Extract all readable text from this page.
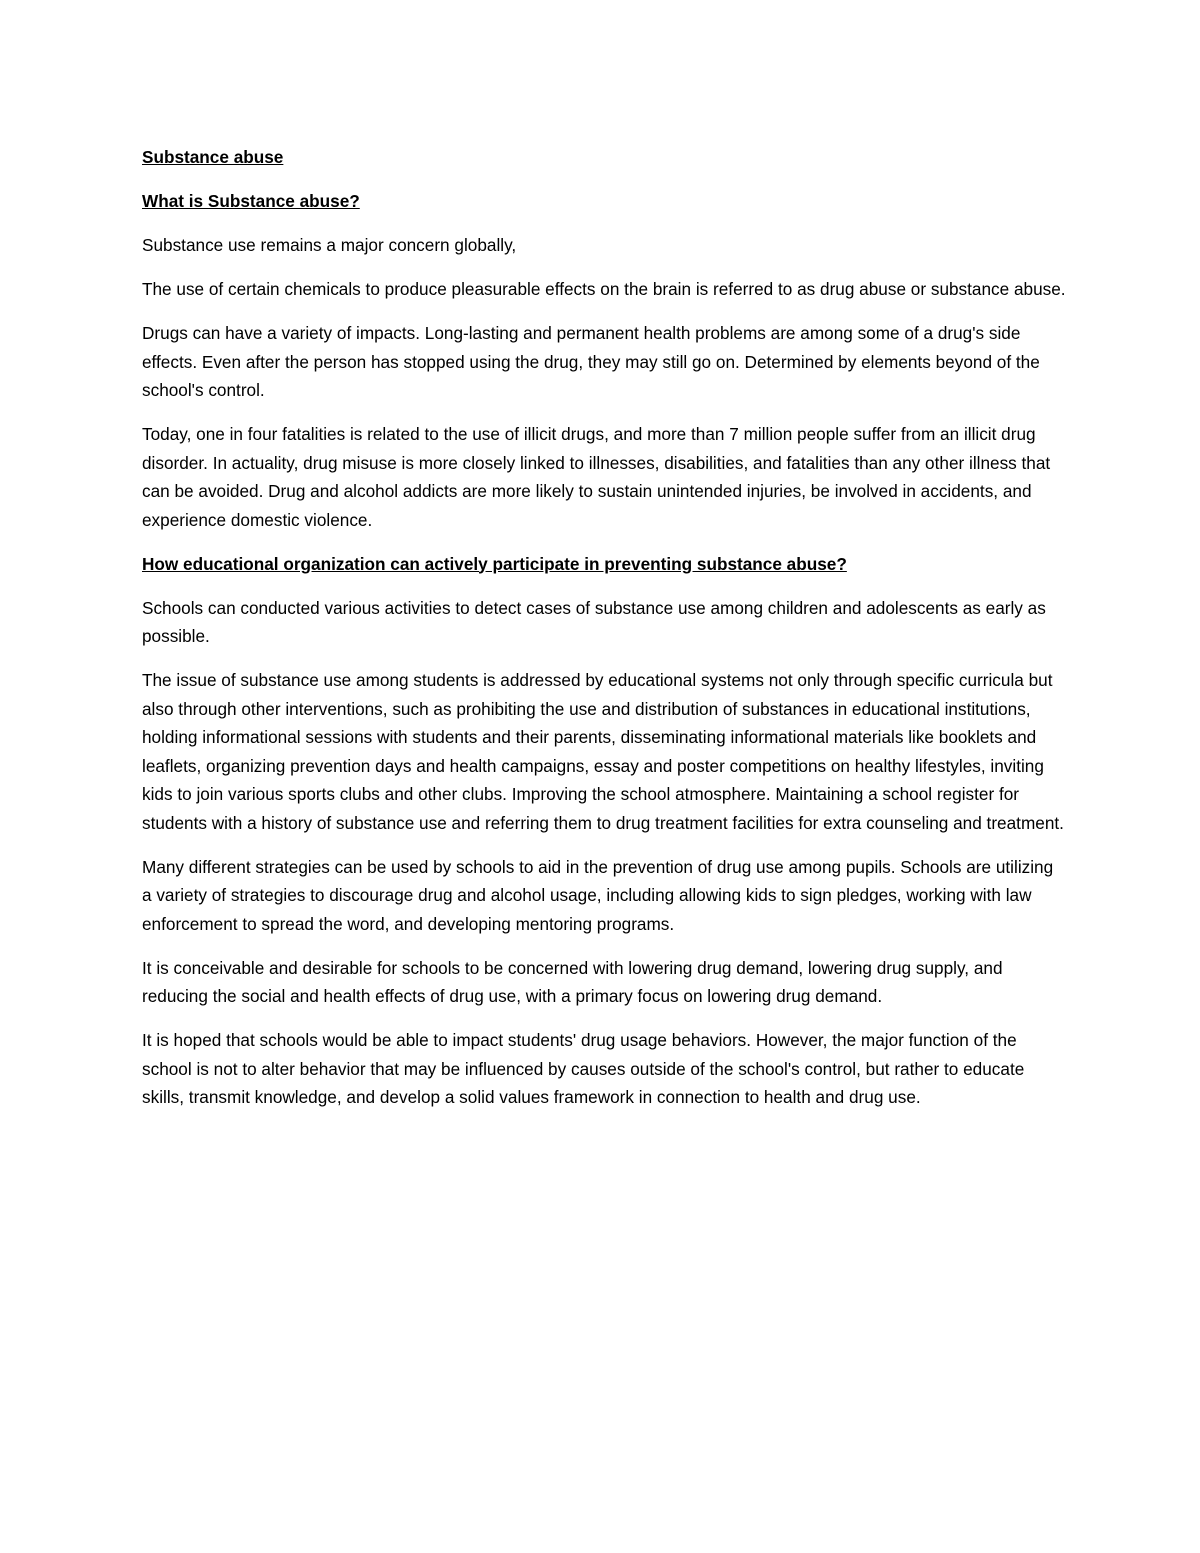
Substance abuse

What is Substance abuse?

Substance use remains a major concern globally,

The use of certain chemicals to produce pleasurable effects on the brain is referred to as drug abuse or substance abuse.

Drugs can have a variety of impacts. Long-lasting and permanent health problems are among some of a drug's side effects. Even after the person has stopped using the drug, they may still go on. Determined by elements beyond of the school's control.

Today, one in four fatalities is related to the use of illicit drugs, and more than 7 million people suffer from an illicit drug disorder. In actuality, drug misuse is more closely linked to illnesses, disabilities, and fatalities than any other illness that can be avoided. Drug and alcohol addicts are more likely to sustain unintended injuries, be involved in accidents, and experience domestic violence.

How educational organization can actively participate in preventing substance abuse?

Schools can conducted various activities to detect cases of substance use among children and adolescents as early as possible.

The issue of substance use among students is addressed by educational systems not only through specific curricula but also through other interventions, such as prohibiting the use and distribution of substances in educational institutions, holding informational sessions with students and their parents, disseminating informational materials like booklets and leaflets, organizing prevention days and health campaigns, essay and poster competitions on healthy lifestyles, inviting kids to join various sports clubs and other clubs. Improving the school atmosphere. Maintaining a school register for students with a history of substance use and referring them to drug treatment facilities for extra counseling and treatment.

Many different strategies can be used by schools to aid in the prevention of drug use among pupils. Schools are utilizing a variety of strategies to discourage drug and alcohol usage, including allowing kids to sign pledges, working with law enforcement to spread the word, and developing mentoring programs.

It is conceivable and desirable for schools to be concerned with lowering drug demand, lowering drug supply, and reducing the social and health effects of drug use, with a primary focus on lowering drug demand.

It is hoped that schools would be able to impact students' drug usage behaviors. However, the major function of the school is not to alter behavior that may be influenced by causes outside of the school's control, but rather to educate skills, transmit knowledge, and develop a solid values framework in connection to health and drug use.
